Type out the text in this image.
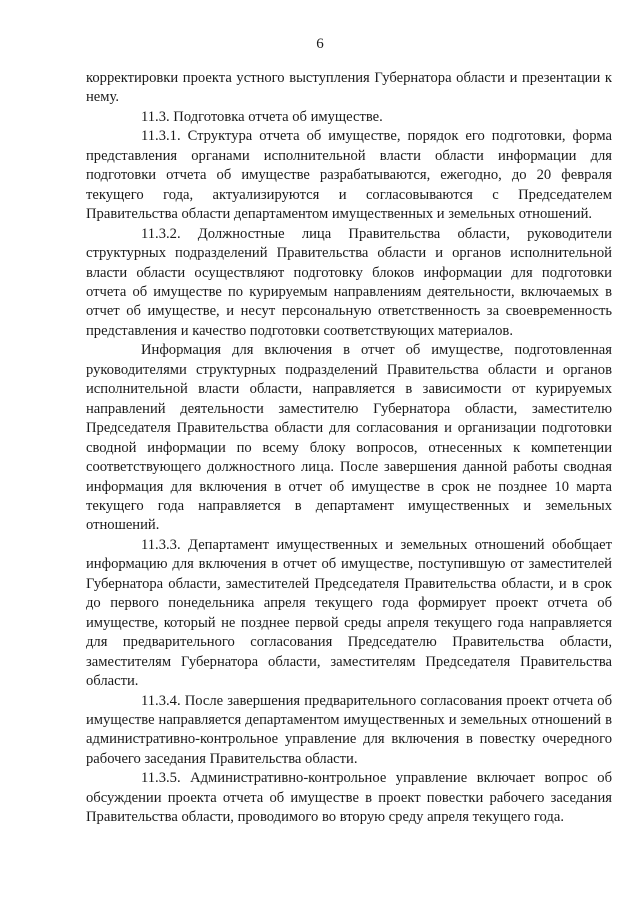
6

корректировки проекта устного выступления Губернатора области и презентации к нему.

11.3. Подготовка отчета об имуществе.

11.3.1. Структура отчета об имуществе, порядок его подготовки, форма представления органами исполнительной власти области информации для подготовки отчета об имуществе разрабатываются, ежегодно, до 20 февраля текущего года, актуализируются и согласовываются с Председателем Правительства области департаментом имущественных и земельных отношений.

11.3.2. Должностные лица Правительства области, руководители структурных подразделений Правительства области и органов исполнительной власти области осуществляют подготовку блоков информации для подготовки отчета об имуществе по курируемым направлениям деятельности, включаемых в отчет об имуществе, и несут персональную ответственность за своевременность представления и качество подготовки соответствующих материалов.

Информация для включения в отчет об имуществе, подготовленная руководителями структурных подразделений Правительства области и органов исполнительной власти области, направляется в зависимости от курируемых направлений деятельности заместителю Губернатора области, заместителю Председателя Правительства области для согласования и организации подготовки сводной информации по всему блоку вопросов, отнесенных к компетенции соответствующего должностного лица. После завершения данной работы сводная информация для включения в отчет об имуществе в срок не позднее 10 марта текущего года направляется в департамент имущественных и земельных отношений.

11.3.3. Департамент имущественных и земельных отношений обобщает информацию для включения в отчет об имуществе, поступившую от заместителей Губернатора области, заместителей Председателя Правительства области, и в срок до первого понедельника апреля текущего года формирует проект отчета об имуществе, который не позднее первой среды апреля текущего года направляется для предварительного согласования Председателю Правительства области, заместителям Губернатора области, заместителям Председателя Правительства области.

11.3.4. После завершения предварительного согласования проект отчета об имуществе направляется департаментом имущественных и земельных отношений в административно-контрольное управление для включения в повестку очередного рабочего заседания Правительства области.

11.3.5. Административно-контрольное управление включает вопрос об обсуждении проекта отчета об имуществе в проект повестки рабочего заседания Правительства области, проводимого во вторую среду апреля текущего года.
